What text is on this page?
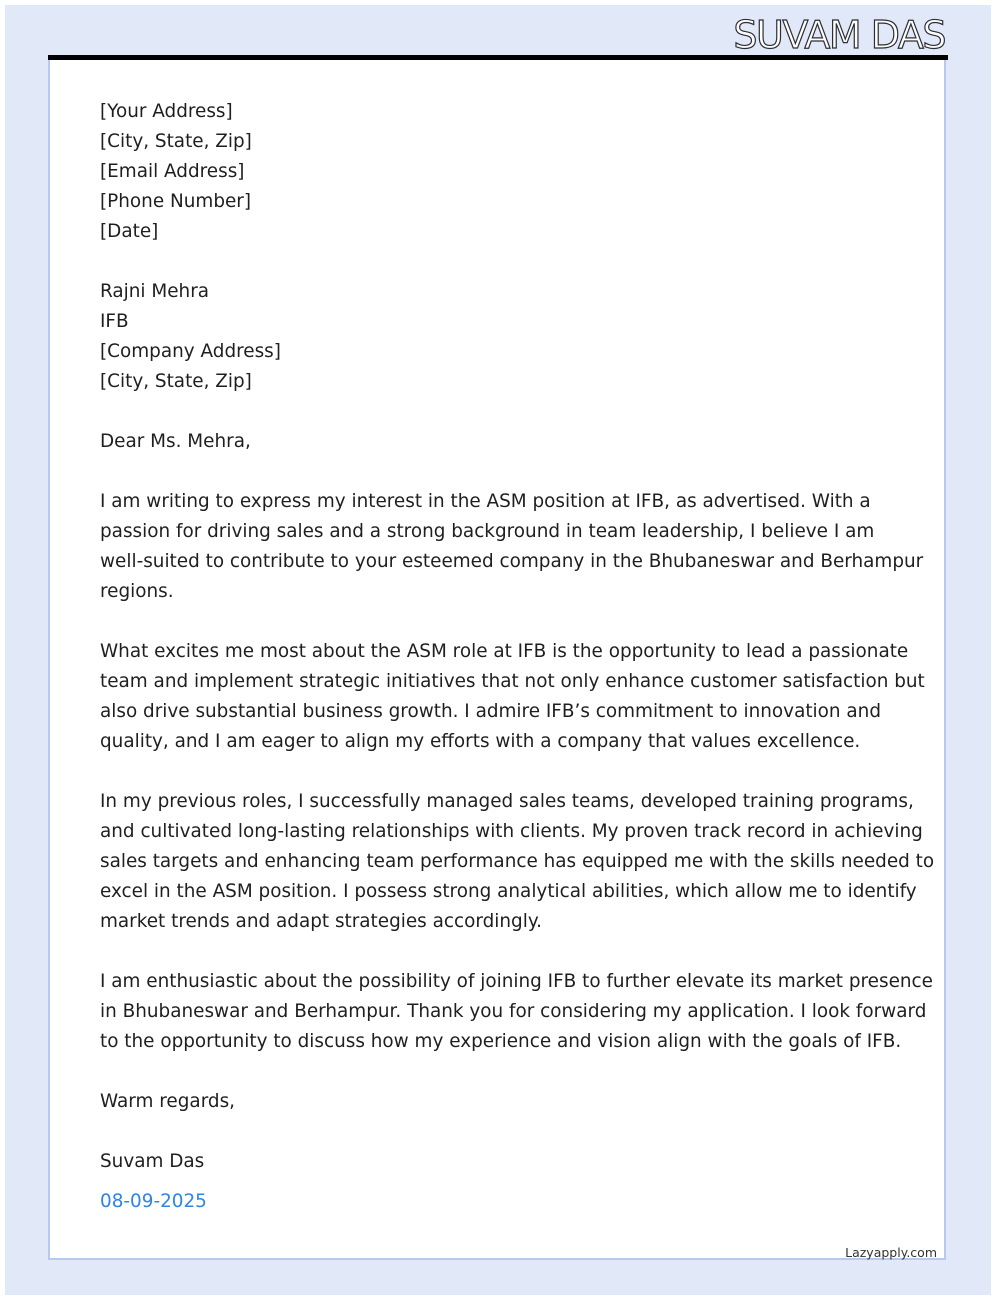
SUVAM DAS
[Your Address]
[City, State, Zip]
[Email Address]
[Phone Number]
[Date]
Rajni Mehra
IFB
[Company Address]
[City, State, Zip]
Dear Ms. Mehra,
I am writing to express my interest in the ASM position at IFB, as advertised. With a
passion for driving sales and a strong background in team leadership, I believe I am
well-suited to contribute to your esteemed company in the Bhubaneswar and Berhampur
regions.
What excites me most about the ASM role at IFB is the opportunity to lead a passionate
team and implement strategic initiatives that not only enhance customer satisfaction but
also drive substantial business growth. I admire IFB’s commitment to innovation and
quality, and I am eager to align my efforts with a company that values excellence.
In my previous roles, I successfully managed sales teams, developed training programs,
and cultivated long-lasting relationships with clients. My proven track record in achieving
sales targets and enhancing team performance has equipped me with the skills needed to
excel in the ASM position. I possess strong analytical abilities, which allow me to identify
market trends and adapt strategies accordingly.
I am enthusiastic about the possibility of joining IFB to further elevate its market presence
in Bhubaneswar and Berhampur. Thank you for considering my application. I look forward
to the opportunity to discuss how my experience and vision align with the goals of IFB.
Warm regards,
Suvam Das
08-09-2025
Lazyapply.com
